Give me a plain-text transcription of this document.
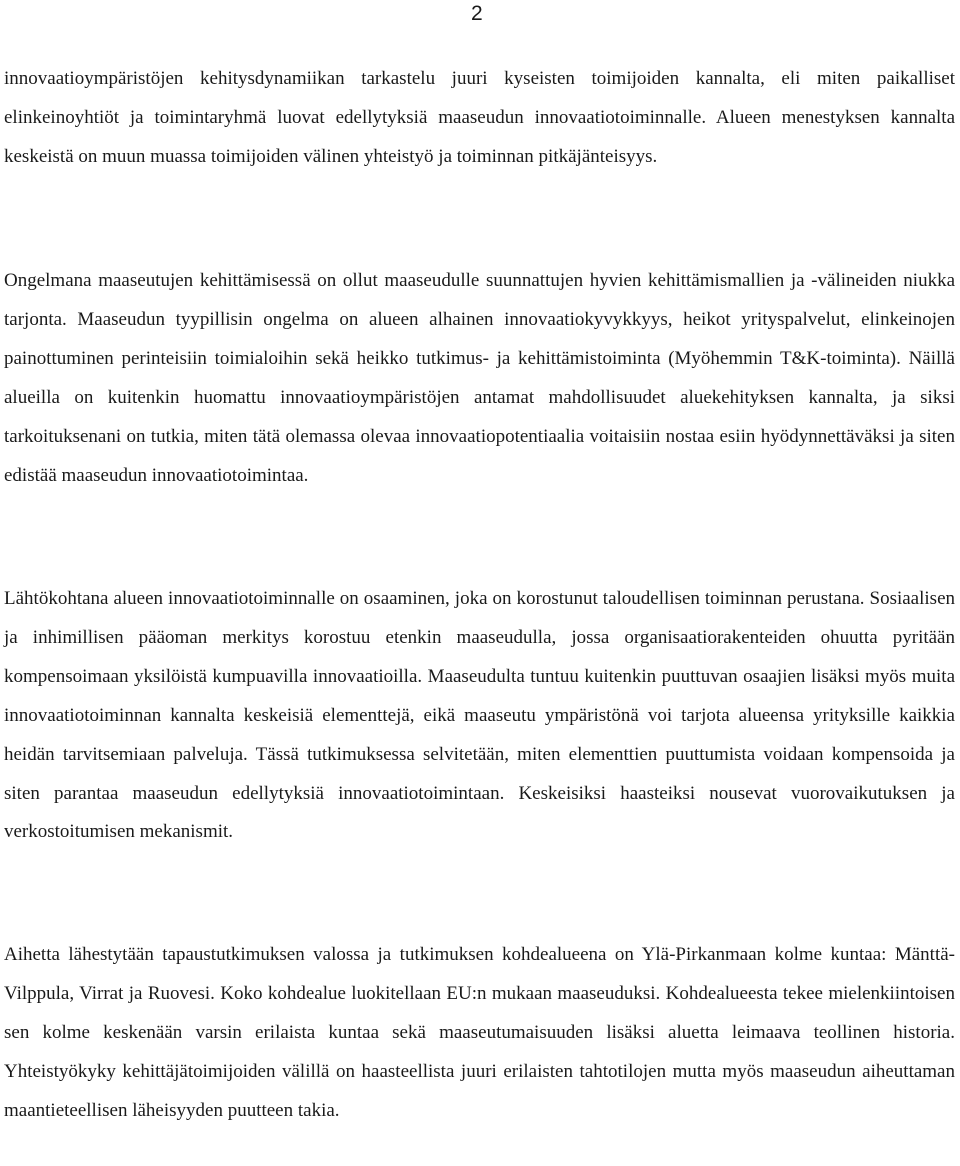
2

innovaatioympäristöjen kehitysdynamiikan tarkastelu juuri kyseisten toimijoiden kannalta, eli miten paikalliset elinkeinoyhtiöt ja toimintaryhmä luovat edellytyksiä maaseudun innovaatiotoiminnalle. Alueen menestyksen kannalta keskeistä on muun muassa toimijoiden välinen yhteistyö ja toiminnan pitkäjänteisyys.

Ongelmana maaseutujen kehittämisessä on ollut maaseudulle suunnattujen hyvien kehittämismallien ja -välineiden niukka tarjonta. Maaseudun tyypillisin ongelma on alueen alhainen innovaatiokyvykkyys, heikot yrityspalvelut, elinkeinojen painottuminen perinteisiin toimialoihin sekä heikko tutkimus- ja kehittämistoiminta (Myöhemmin T&K-toiminta). Näillä alueilla on kuitenkin huomattu innovaatioympäristöjen antamat mahdollisuudet aluekehityksen kannalta, ja siksi tarkoituksenani on tutkia, miten tätä olemassa olevaa innovaatiopotentiaalia voitaisiin nostaa esiin hyödynnettäväksi ja siten edistää maaseudun innovaatiotoimintaa.

Lähtökohtana alueen innovaatiotoiminnalle on osaaminen, joka on korostunut taloudellisen toiminnan perustana. Sosiaalisen ja inhimillisen pääoman merkitys korostuu etenkin maaseudulla, jossa organisaatiorakenteiden ohuutta pyritään kompensoimaan yksilöistä kumpuavilla innovaatioilla. Maaseudulta tuntuu kuitenkin puuttuvan osaajien lisäksi myös muita innovaatiotoiminnan kannalta keskeisiä elementtejä, eikä maaseutu ympäristönä voi tarjota alueensa yrityksille kaikkia heidän tarvitsemiaan palveluja. Tässä tutkimuksessa selvitetään, miten elementtien puuttumista voidaan kompensoida ja siten parantaa maaseudun edellytyksiä innovaatiotoimintaan. Keskeisiksi haasteiksi nousevat vuorovaikutuksen ja verkostoitumisen mekanismit.

Aihetta lähestytään tapaustutkimuksen valossa ja tutkimuksen kohdealueena on Ylä-Pirkanmaan kolme kuntaa: Mänttä-Vilppula, Virrat ja Ruovesi. Koko kohdealue luokitellaan EU:n mukaan maaseuduksi. Kohdealueesta tekee mielenkiintoisen sen kolme keskenään varsin erilaista kuntaa sekä maaseutumaisuuden lisäksi aluetta leimaava teollinen historia. Yhteistyökyky kehittäjätoimijoiden välillä on haasteellista juuri erilaisten tahtotilojen mutta myös maaseudun aiheuttaman maantieteellisen läheisyyden puutteen takia.
